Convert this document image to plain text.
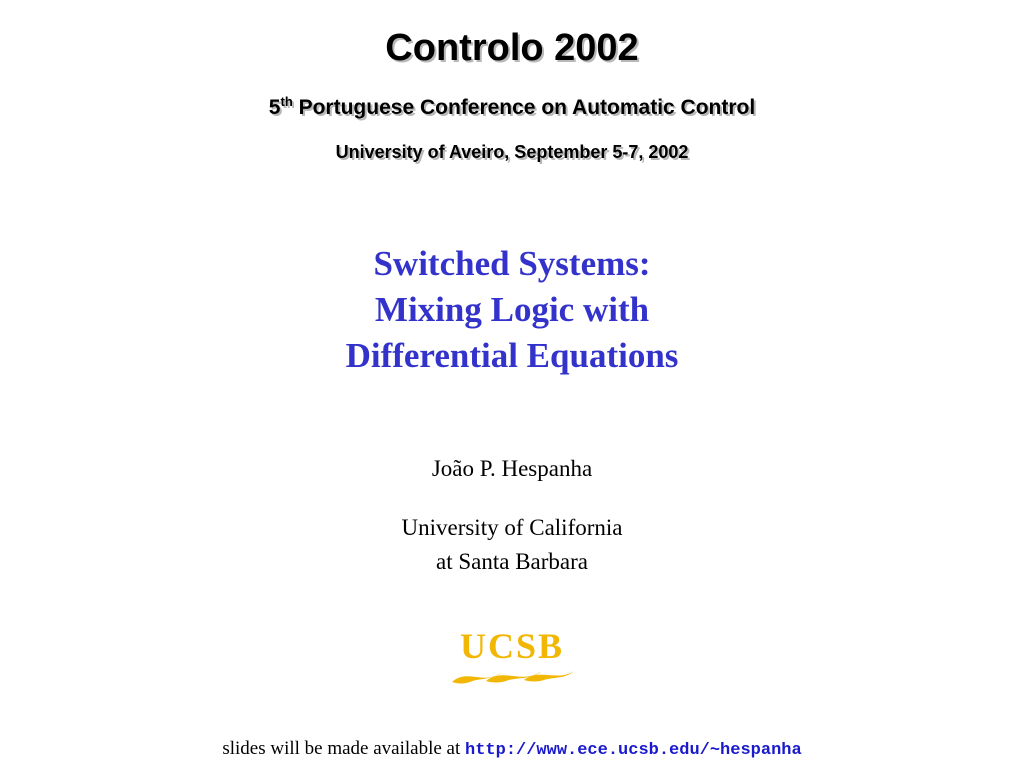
Controlo 2002
5th Portuguese Conference on Automatic Control
University of Aveiro, September 5-7, 2002
Switched Systems:
Mixing Logic with
Differential Equations
João P. Hespanha
University of California
at Santa Barbara
UCSB
slides will be made available at http://www.ece.ucsb.edu/~hespanha
